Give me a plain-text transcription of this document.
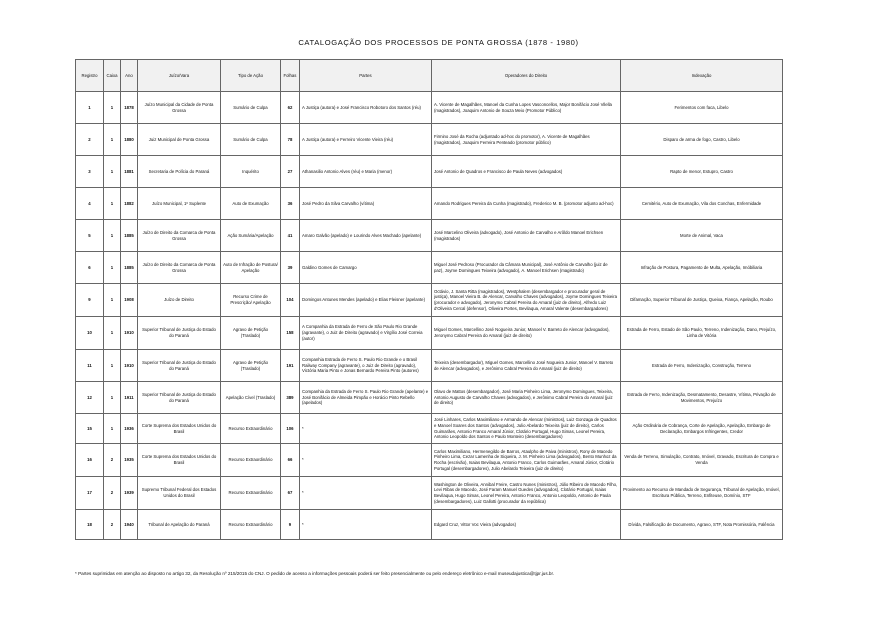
CATALOGAÇÃO DOS PROCESSOS DE PONTA GROSSA (1878 - 1980)
Registro	Caixa	Ano	Juízo/Vara	Tipo de Ação	Folhas	Partes	Operadores do Direito	Indexação
1	1	1878	Juízo Municipal da Cidade de Ponta Grossa	Sumário de Culpa	62	A Justiça (autora) e José Francisco Robotoro dos Santos (réu)	A. Vicente de Magalhães, Manoel da Cunha Lopes Vasconcellos, Major Bonifácio José Vilella (magistrados), Joaquim Antonio de Souza Meio (Promotor Público)	Ferimentos com faca, Libelo
2	1	1880	Juiz Municipal de Ponta Grossa	Sumário de Culpa	78	A Justiça (autora) e Ferreiro Vicente Vieira (réu)	Firmino José da Rocha (adjuntado ad-hoc do promotor), A. Vicente de Magalhães (magistrados), Joaquim Ferreira Penteado (promotor público)	Disparo de arma de fogo, Castro, Libelo
3	1	1881	Secretaria de Polícia do Paraná	Inquérito	27	Athanasilio Antonio Alves (réu) e Maria (menor)	José Antonio de Quadros e Francisco de Paula Neves (advogados)	Rapto de menor, Estupro, Castro
4	1	1882	Juízo Municipal, 1º Suplente	Auto de Exumação	36	José Pedro da Silva Carvalho (vítima)	Amando Rodrigues Pereira da Cunha (magistrado), Frederico M. B. (promotor adjunto ad-hoc)	Cemitério, Auto de Exumação, Vila dos Conchas, Enfermidade
5	1	1885	Juízo de Direito da Comarca de Ponta Grossa	Ação Sumária/Apelação	41	Amaro Galvão (apelado) e Lourindo Alves Machado (apelante)	José Marcelino Oliveira (advogado), José Antonio de Carvalho e Arôldo Manoel Erichsen (magistrados)	Morte de Animal, Vaca
6	1	1885	Juízo de Direito da Comarca de Ponta Grossa	Auto de Infração de Postura/ Apelação	39	Galdino Gomes de Camargo	Miguel José Pedroso (Procurador da Câmara Municipal), José Antônio de Carvalho (juiz de paz), Joyme Domingues Teixeira (advogado), A. Manoel Erichsen (magistrado)	Infração de Postura, Pagamento de Multa, Apelação, Imóbiliaria
9	1	1908	Juízo de Direito	Recurso Crime de Prescrição/ Apelação	104	Domingos Antunes Mendes (apelado) e Elias Fleisner (apelante)	Octávio, J. Santa Ritta (magistrados), Westphalem (desembargador e procurador geral de justiça), Manoel Vieira B. de Alencar, Carvalho Chaves (advogados), Joyme Domingues Teixeira (procurador e advogado), Jeronymo Cabral Pereira do Amaral (juiz de direito), Alfredo Luiz d'Oliveira Cercal (defensor), Oliveira Portes, Bevilaqua, Amaral Valente (desembargadores)	Difamação, Superior Tribunal de Justiça, Queixa, Fiança, Apelação, Roubo
10	1	1910	Superior Tribunal de Justiça do Estado do Paraná	Agravo de Petição (Traslado)	158	A Companhia da Estrada de Ferro de São Paulo Rio Grande (agravante), o Juiz de Direito (agravado) e Virgílio José Correia (autor)	Miguel Gomes, Marcellino José Nogueira Junior, Manoel V. Barreto de Alencar (advogados), Jeronymo Cabral Pereira do Amaral (juiz de direito)	Estrada de Ferro, Estado de São Paulo, Terreno, Indenização, Dano, Prejuízo, Linha de Vitória
11	1	1910	Superior Tribunal de Justiça do Estado do Paraná	Agravo de Petição (Traslado)	191	Companhia Estrada de Ferro S. Paulo Rio Grande e o Brasil Railway Company (agravante), o Juiz de Direito (agravado), Victória Maria Pinto e Jonas Bernardo Pereira Pinto (autores)	Teixeira (desembargador), Miguel Gomes, Marcellino José Nogueira Junior, Manoel V. Barreto de Alencar (advogados), e Jerônimo Cabral Pereira do Amaral (juiz de direito)	Estrada de Ferro, Indenização, Construção, Terreno
12	1	1911	Superior Tribunal de Justiça do Estado do Paraná	Apelação Cível (Traslado)	389	Companhia da Estrada de Ferro S. Paulo Rio Grande (apelante) e José Bonifácio de Almeida Pimpão e Horácio Pinto Rebello (apelados)	Olavo de Mattos (desembargador), José Maria Pinheiro Lima, Jeronymo Domingues, Teixeira, Antonio Augusto de Carvalho Chaves (advogados), e Jerônimo Cabral Pereira do Amaral (juiz de direito)	Estrada de Ferro, Indenização, Desmatamento, Desastre, Vítima, Privação de Movimentos, Prejuízo
15	1	1936	Corte Suprema dos Estados Unidos do Brasil	Recurso Extraordinário	106	*	José Linhares, Carlos Maximiliano e Armando de Alencar (ministros), Luiz Gonzaga de Quadros e Manoel Soares dos Santos (advogados), Julio Abelardo Teixeira (juiz de direito), Carlos Guimarães, Antonio Franco Amaral Júnior, Clotário Portugal, Hugo Simas, Leonel Pereira, Antonio Leopoldo dos Santos e Paulo Monteiro (desembargadores)	Ação Ordinária de Cobrança, Corte de Apelação, Apelação, Embargo de Declaração, Embargos Infringentes, Credor
16	2	1935	Corte Suprema dos Estados Unidos do Brasil	Recurso Extraordinário	66	*	Carlos Maximiliano, Hermenegildo de Barros, Ataulpho de Paiva (ministros), Rony de Macedo Pinheiro Lima, Cezar Lamenha de Siqueira, J. M. Pinheiro Lima (advogados), Bento Munhoz da Rocha (escrivão), Isaias Bevilaqua, Antonio Franco, Carlos Guimarães, Amaral Júnior, Clotário Portugal (desembargadores), Julio Abelardo Teixeira (juiz de direito)	Venda de Terreno, Simulação, Contrato, Imóvel, Gravado, Escritura de Compra e Venda
17	2	1939	Supremo Tribunal Federal dos Estados Unidos do Brasil	Recurso Extraordinário	67	*	Washington de Oliveira, Annibal Freire, Castro Nunes (ministros), Júlio Ribeiro de Macedo Filho, Levi Ribas de Macedo, José Faram Manuel Guedes (advogados), Clotário Portugal, Isaias Bevilaqua, Hugo Simas, Leonel Pereira, Antonio Franco, Antonio Leopoldo, Antonio de Paula (desembargadores), Luiz Gallotti (procurador da república)	Provimento ao Recurso de Mandado de Segurança, Tribunal de Apelação, Imóvel, Escritura Pública, Terreno, Enfiteuse, Domínio, STF
18	2	1940	Tribunal de Apelação do Paraná	Recurso Extraordinário	9	*	Edgard Cruz, Vittor Voc Vieira (advogados)	Dívida, Falsificação de Documento, Agravo, STF, Nota Promissória, Falência
* Partes suprimidas em atenção ao disposto no artigo 32, da Resolução nº 215/2015 do CNJ. O pedido de acesso a informações pessoais poderá ser feito presencialmente ou pelo endereço eletrônico e-mail museudajustica@tjpr.jus.br.
